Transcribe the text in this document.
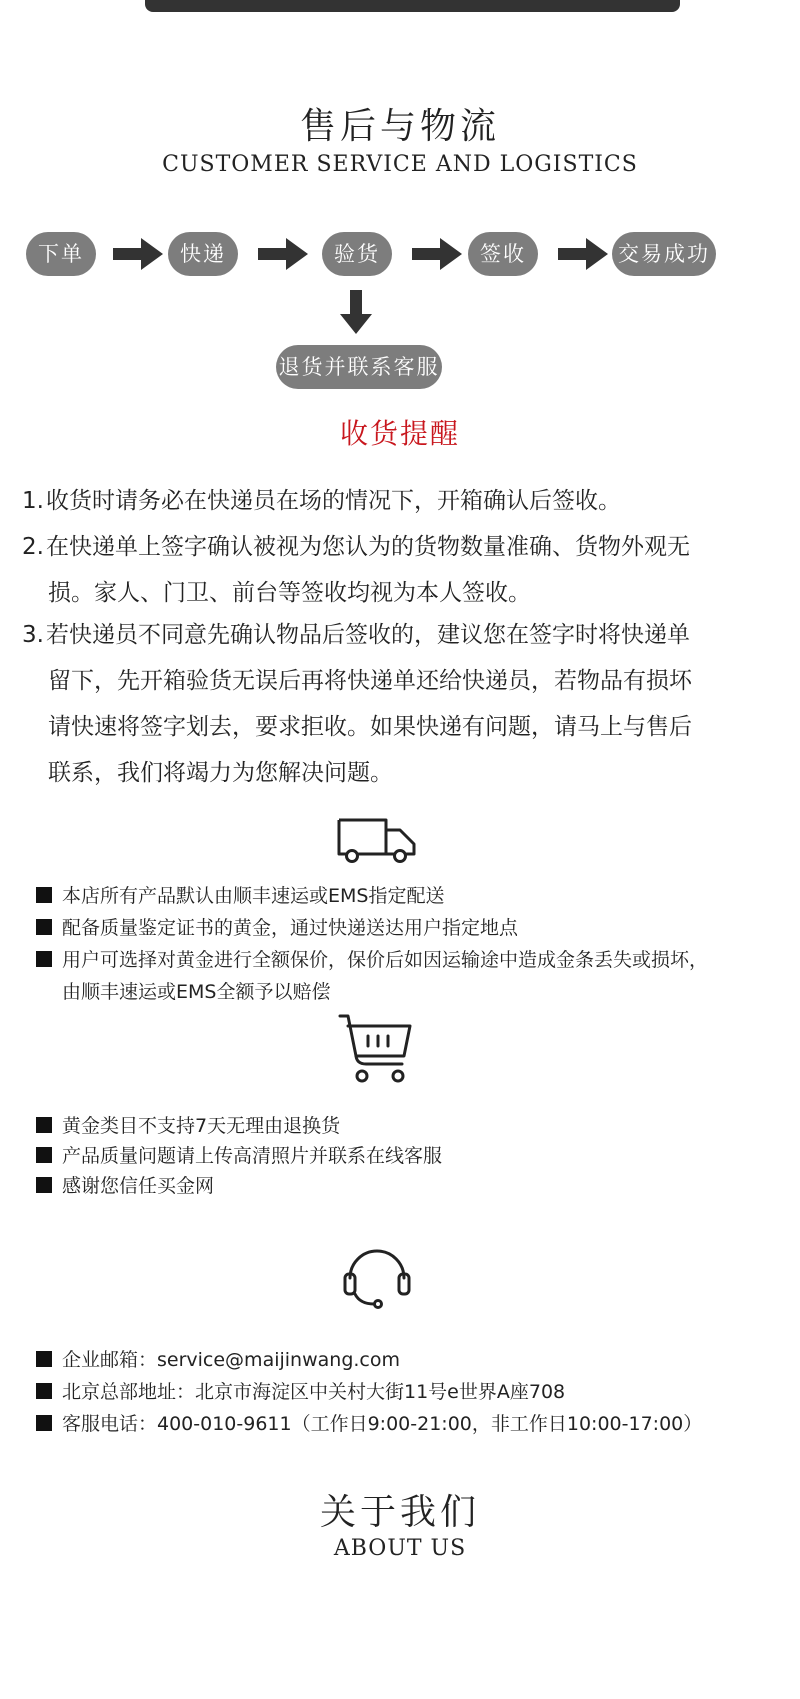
售后与物流
CUSTOMER SERVICE AND LOGISTICS
下单	快递	验货	签收	交易成功
退货并联系客服
收货提醒
1.收货时请务必在快递员在场的情况下，开箱确认后签收。
2.在快递单上签字确认被视为您认为的货物数量准确、货物外观无
损。家人、门卫、前台等签收均视为本人签收。
3.若快递员不同意先确认物品后签收的，建议您在签字时将快递单
留下，先开箱验货无误后再将快递单还给快递员，若物品有损坏
请快速将签字划去，要求拒收。如果快递有问题，请马上与售后
联系，我们将竭力为您解决问题。
本店所有产品默认由顺丰速运或EMS指定配送
配备质量鉴定证书的黄金，通过快递送达用户指定地点
用户可选择对黄金进行全额保价，保价后如因运输途中造成金条丢失或损坏，
由顺丰速运或EMS全额予以赔偿
黄金类目不支持7天无理由退换货
产品质量问题请上传高清照片并联系在线客服
感谢您信任买金网
企业邮箱：service@maijinwang.com
北京总部地址：北京市海淀区中关村大街11号e世界A座708
客服电话：400-010-9611（工作日9:00-21:00，非工作日10:00-17:00）
关于我们
ABOUT US
